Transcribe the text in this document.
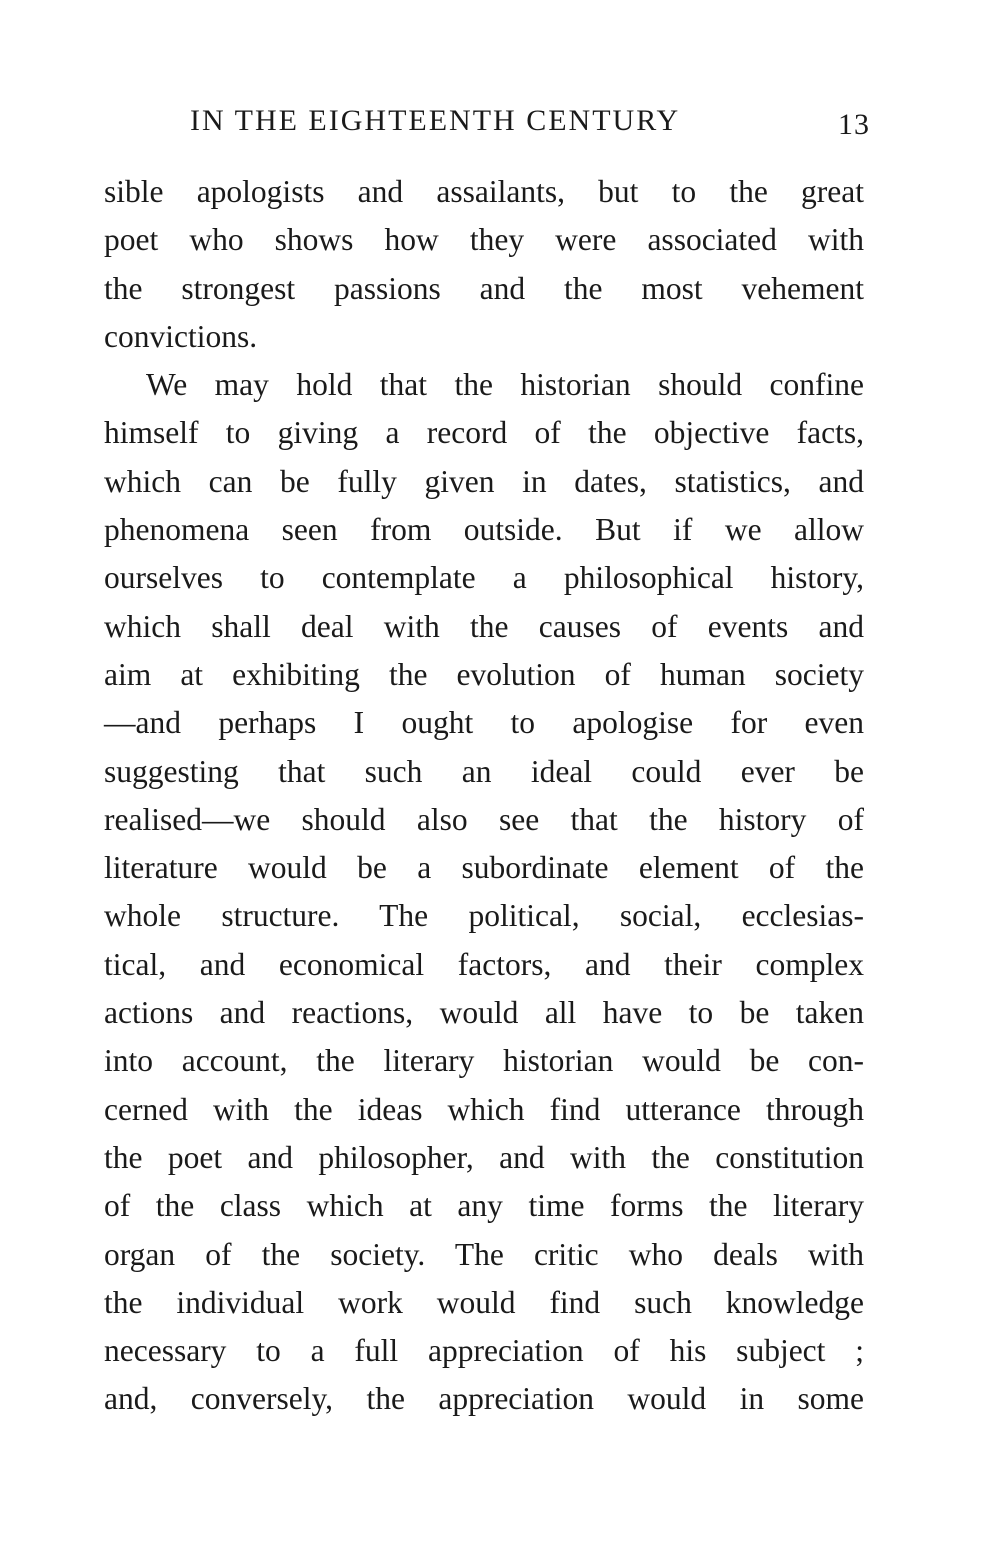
IN THE EIGHTEENTH CENTURY	13
sible apologists and assailants, but to the great
poet who shows how they were associated with
the strongest passions and the most vehement
convictions.
We may hold that the historian should confine
himself to giving a record of the objective facts,
which can be fully given in dates, statistics, and
phenomena seen from outside. But if we allow
ourselves to contemplate a philosophical history,
which shall deal with the causes of events and
aim at exhibiting the evolution of human society
—and perhaps I ought to apologise for even
suggesting that such an ideal could ever be
realised—we should also see that the history of
literature would be a subordinate element of the
whole structure. The political, social, ecclesias-
tical, and economical factors, and their complex
actions and reactions, would all have to be taken
into account, the literary historian would be con-
cerned with the ideas which find utterance through
the poet and philosopher, and with the constitution
of the class which at any time forms the literary
organ of the society. The critic who deals with
the individual work would find such knowledge
necessary to a full appreciation of his subject ;
and, conversely, the appreciation would in some
